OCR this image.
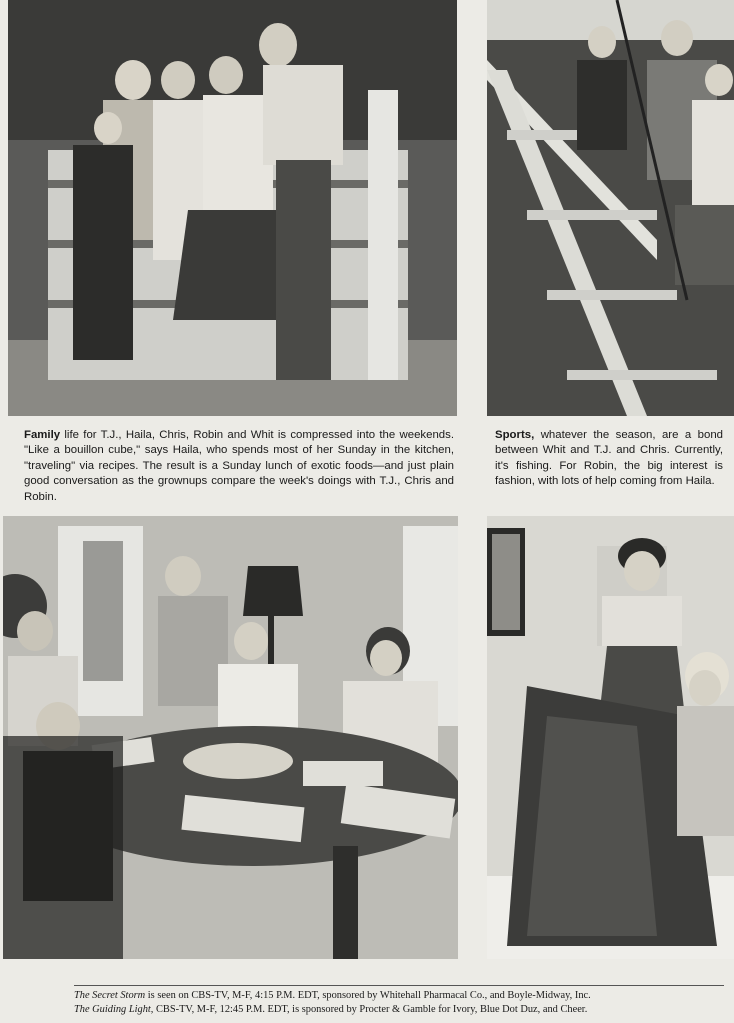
Family life for T.J., Haila, Chris, Robin and Whit is compressed into the weekends. "Like a bouillon cube," says Haila, who spends most of her Sunday in the kitchen, "traveling" via recipes. The result is a Sunday lunch of exotic foods—and just plain good conversation as the grownups compare the week's doings with T.J., Chris and Robin.
Sports, whatever the season, are a bond between Whit and T.J. and Chris. Currently, it's fishing. For Robin, the big interest is fashion, with lots of help coming from Haila.
The Secret Storm is seen on CBS-TV, M-F, 4:15 P.M. EDT, sponsored by Whitehall Pharmacal Co., and Boyle-Midway, Inc.
The Guiding Light, CBS-TV, M-F, 12:45 P.M. EDT, is sponsored by Procter & Gamble for Ivory, Blue Dot Duz, and Cheer.
